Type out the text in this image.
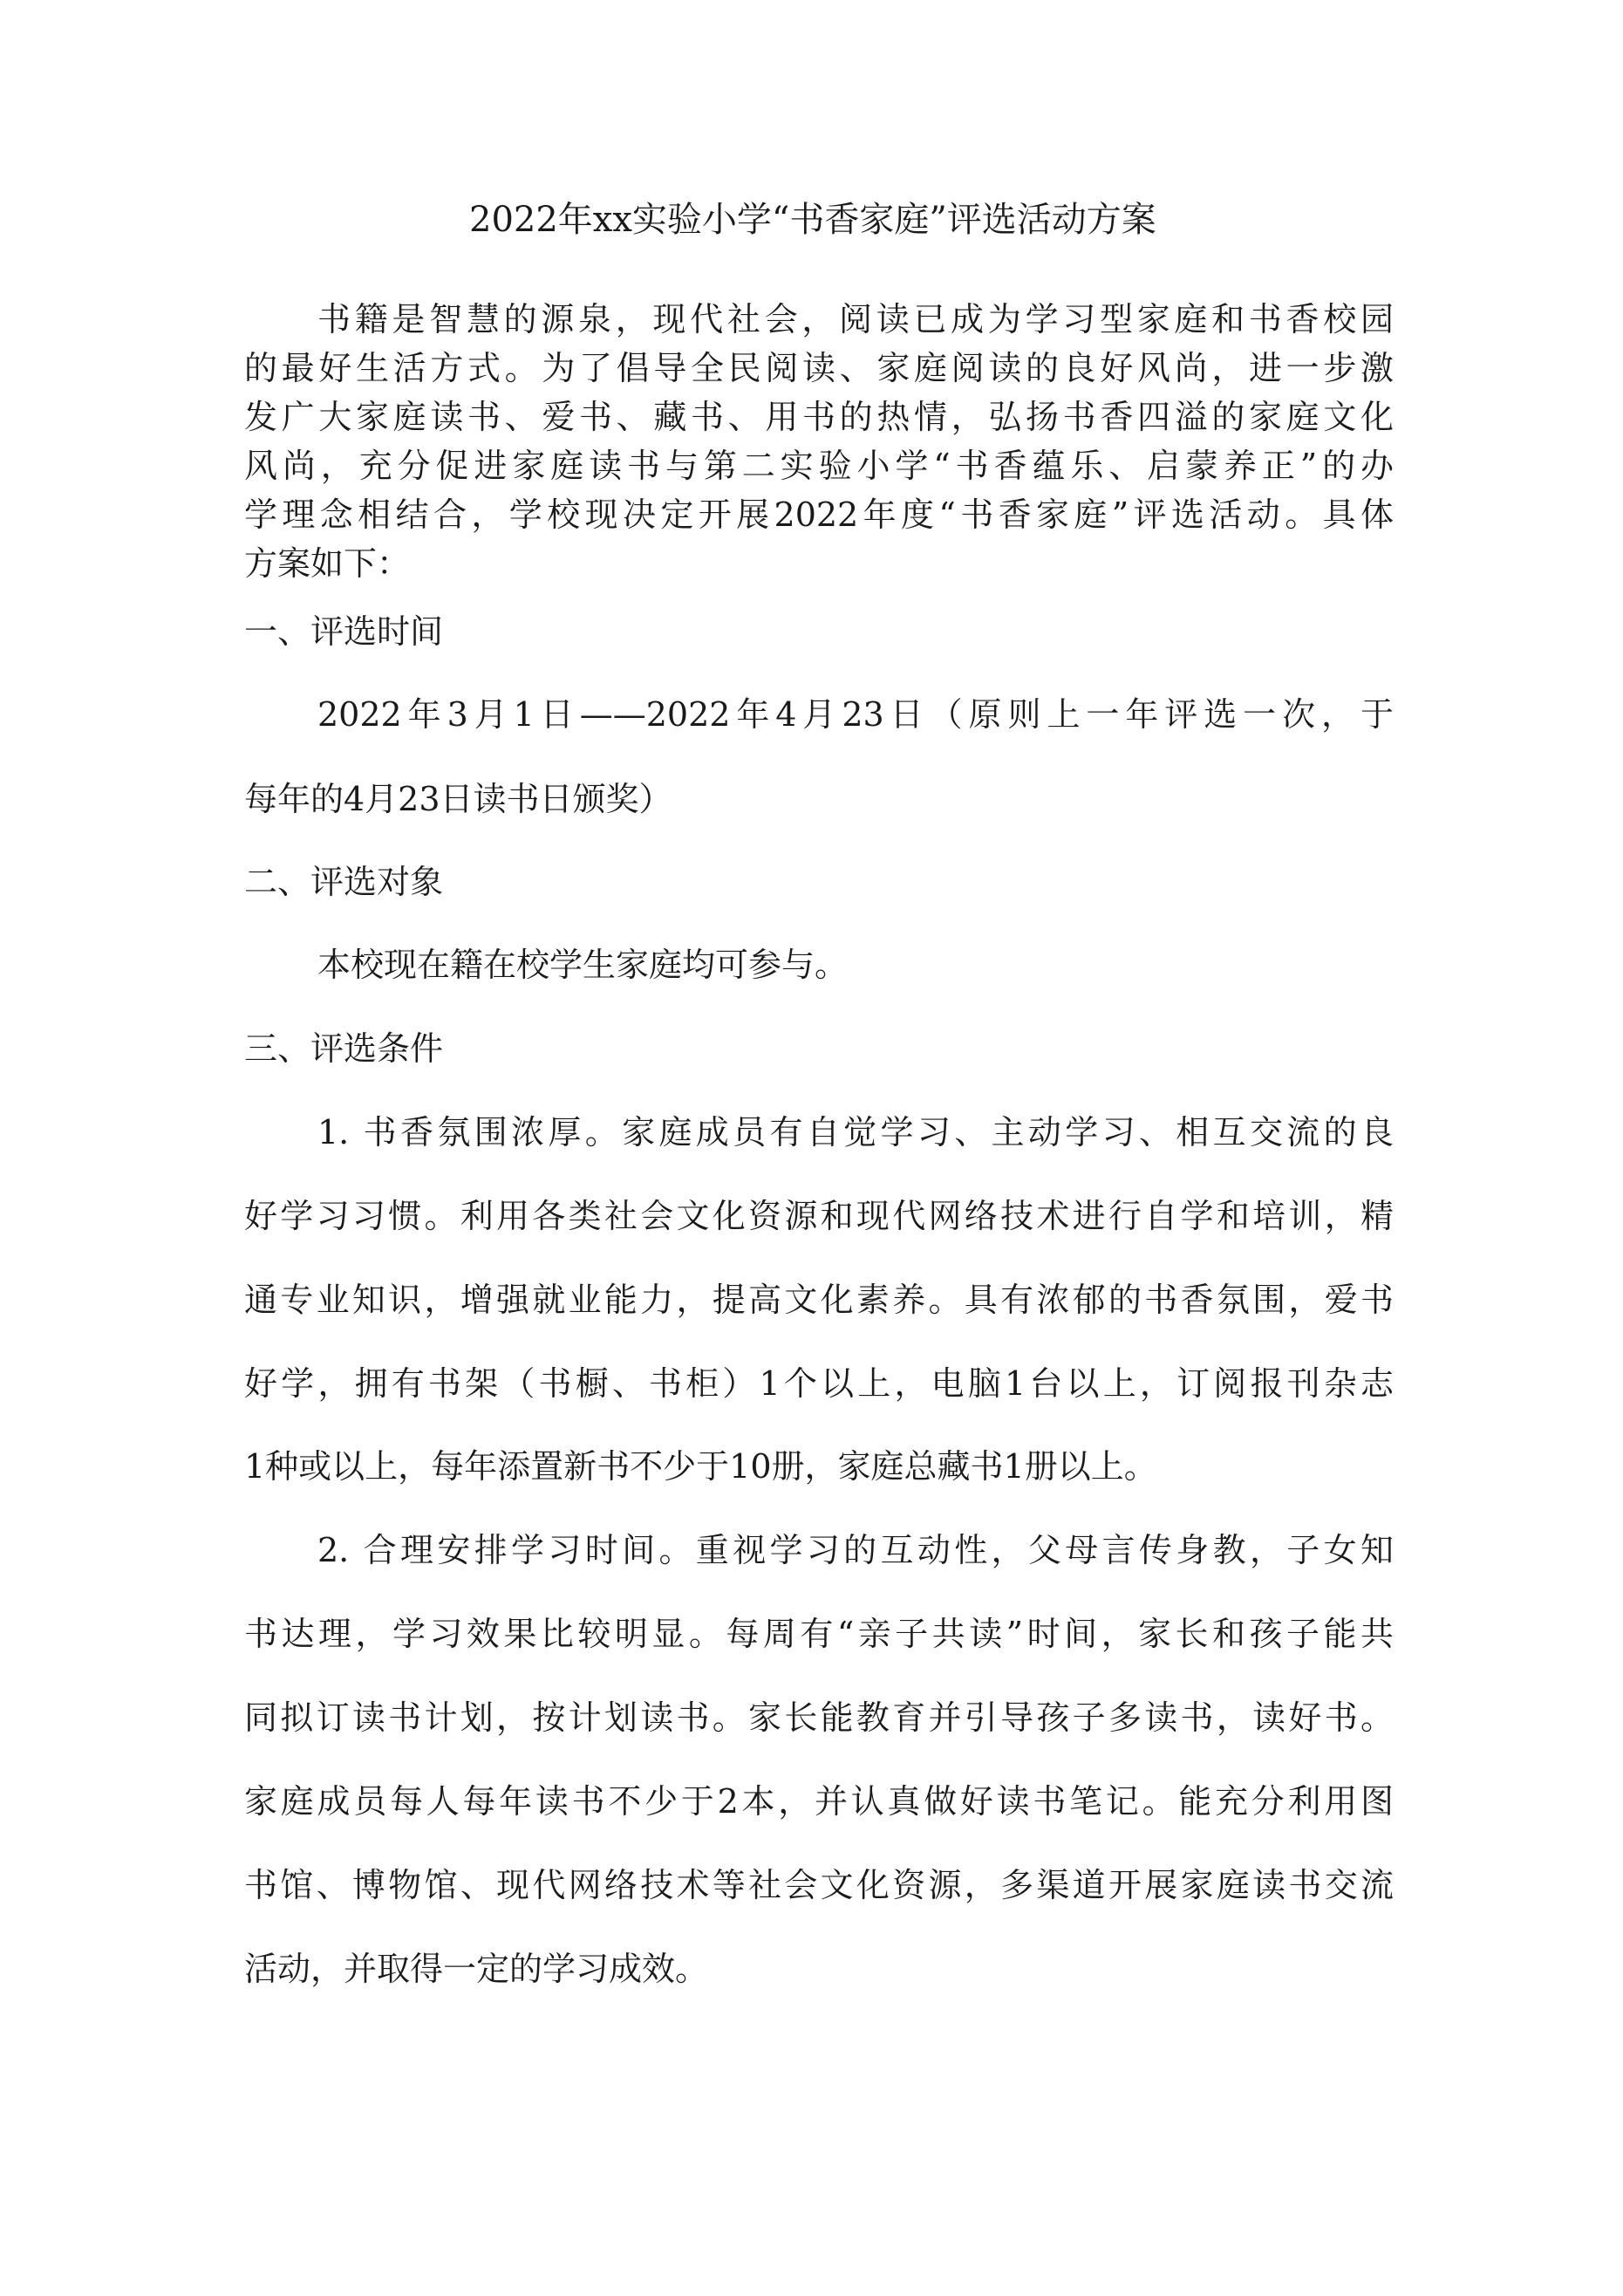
2022年xx实验小学“书香家庭”评选活动方案
书籍是智慧的源泉，现代社会，阅读已成为学习型家庭和书香校园
的最好生活方式。为了倡导全民阅读、家庭阅读的良好风尚，进一步激
发广大家庭读书、爱书、藏书、用书的热情，弘扬书香四溢的家庭文化
风尚，充分促进家庭读书与第二实验小学“书香蕴乐、启蒙养正”的办
学理念相结合，学校现决定开展2022年度“书香家庭”评选活动。具体
方案如下：
一、评选时间
2022年3月1日——2022年4月23日（原则上一年评选一次，于
每年的4月23日读书日颁奖）
二、评选对象
本校现在籍在校学生家庭均可参与。
三、评选条件
1. 书香氛围浓厚。家庭成员有自觉学习、主动学习、相互交流的良
好学习习惯。利用各类社会文化资源和现代网络技术进行自学和培训，精
通专业知识，增强就业能力，提高文化素养。具有浓郁的书香氛围，爱书
好学，拥有书架（书橱、书柜）1个以上，电脑1台以上，订阅报刊杂志
1种或以上，每年添置新书不少于10册，家庭总藏书1册以上。
2. 合理安排学习时间。重视学习的互动性，父母言传身教，子女知
书达理，学习效果比较明显。每周有“亲子共读”时间，家长和孩子能共
同拟订读书计划，按计划读书。家长能教育并引导孩子多读书，读好书。
家庭成员每人每年读书不少于2本，并认真做好读书笔记。能充分利用图
书馆、博物馆、现代网络技术等社会文化资源，多渠道开展家庭读书交流
活动，并取得一定的学习成效。
